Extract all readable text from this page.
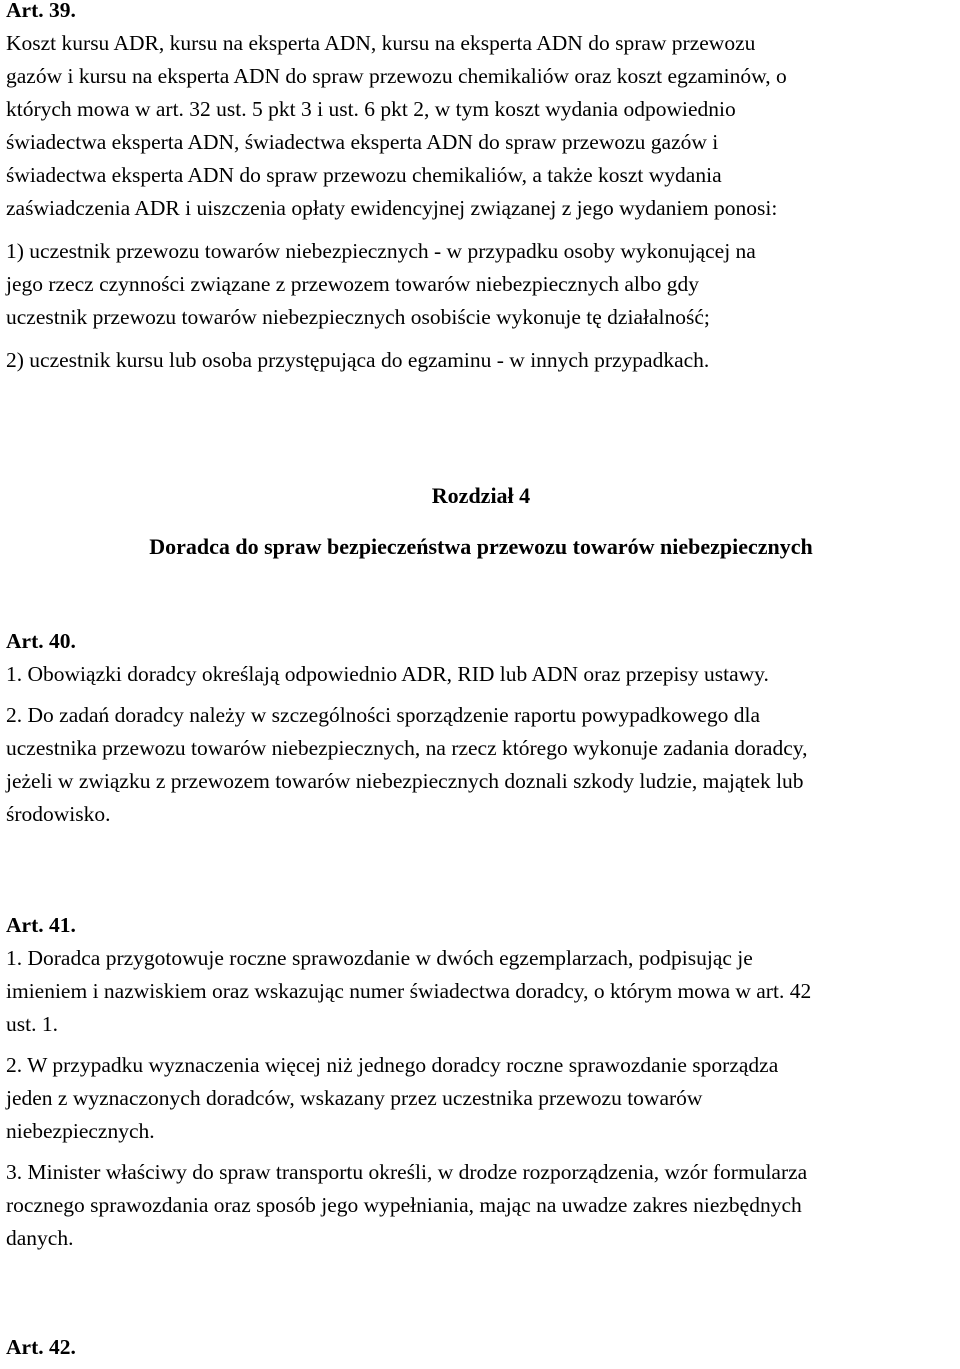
Art. 39.

Koszt kursu ADR, kursu na eksperta ADN, kursu na eksperta ADN do spraw przewozu
gazów i kursu na eksperta ADN do spraw przewozu chemikaliów oraz koszt egzaminów, o
których mowa w art. 32 ust. 5 pkt 3 i ust. 6 pkt 2, w tym koszt wydania odpowiednio
świadectwa eksperta ADN, świadectwa eksperta ADN do spraw przewozu gazów i
świadectwa eksperta ADN do spraw przewozu chemikaliów, a także koszt wydania
zaświadczenia ADR i uiszczenia opłaty ewidencyjnej związanej z jego wydaniem ponosi:

1) uczestnik przewozu towarów niebezpiecznych - w przypadku osoby wykonującej na
jego rzecz czynności związane z przewozem towarów niebezpiecznych albo gdy
uczestnik przewozu towarów niebezpiecznych osobiście wykonuje tę działalność;

2) uczestnik kursu lub osoba przystępująca do egzaminu - w innych przypadkach.

Rozdział 4
Doradca do spraw bezpieczeństwa przewozu towarów niebezpiecznych
Art. 40.

1. Obowiązki doradcy określają odpowiednio ADR, RID lub ADN oraz przepisy ustawy.

2. Do zadań doradcy należy w szczególności sporządzenie raportu powypadkowego dla
uczestnika przewozu towarów niebezpiecznych, na rzecz którego wykonuje zadania doradcy,
jeżeli w związku z przewozem towarów niebezpiecznych doznali szkody ludzie, majątek lub
środowisko.

Art. 41.

1. Doradca przygotowuje roczne sprawozdanie w dwóch egzemplarzach, podpisując je
imieniem i nazwiskiem oraz wskazując numer świadectwa doradcy, o którym mowa w art. 42
ust. 1.

2. W przypadku wyznaczenia więcej niż jednego doradcy roczne sprawozdanie sporządza
jeden z wyznaczonych doradców, wskazany przez uczestnika przewozu towarów
niebezpiecznych.

3. Minister właściwy do spraw transportu określi, w drodze rozporządzenia, wzór formularza
rocznego sprawozdania oraz sposób jego wypełniania, mając na uwadze zakres niezbędnych
danych.

Art. 42.
